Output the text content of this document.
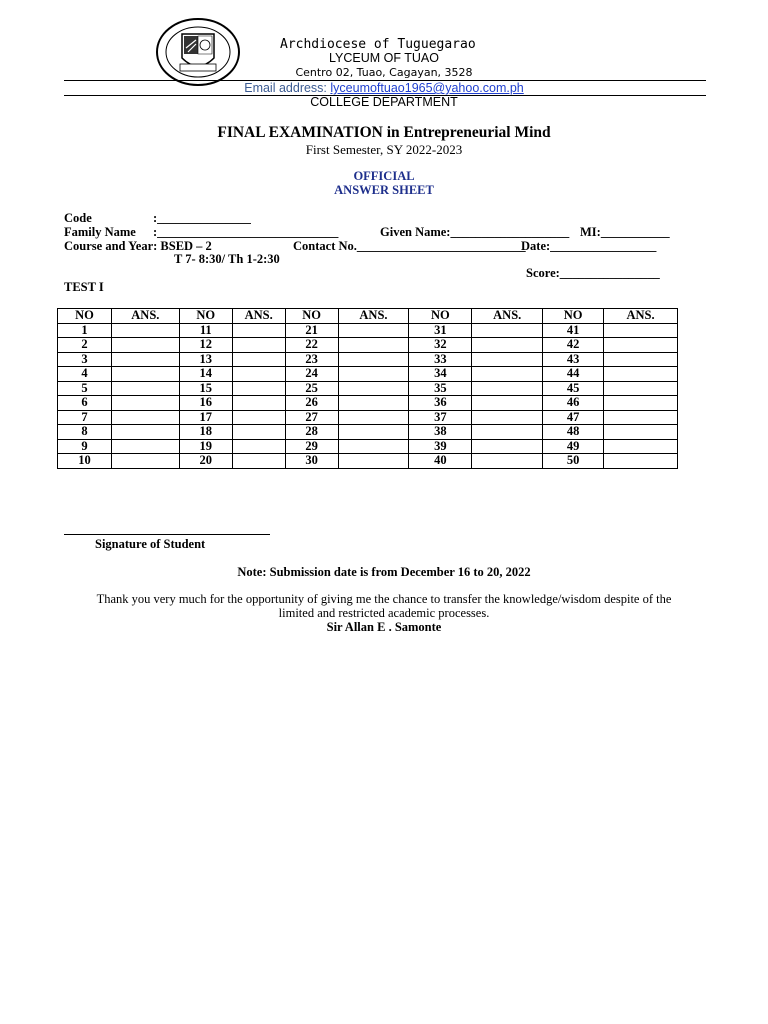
Archdiocese of Tuguegarao
LYCEUM OF TUAO
Centro 02, Tuao, Cagayan, 3528
Email address: lyceumoftuao1965@yahoo.com.ph
COLLEGE DEPARTMENT
FINAL EXAMINATION in Entrepreneurial Mind
First Semester, SY 2022-2023
OFFICIAL
ANSWER SHEET
Code	:_______________
Family Name :_____________________________	Given Name:___________________ MI:___________
Course and Year: BSED – 2	Contact No.___________________________
Date:_________________
T 7- 8:30/ Th 1-2:30
Score:________________
TEST I
NO	ANS.	NO	ANS.	NO	ANS.	NO	ANS.	NO	ANS.
1		11		21		31		41	
2		12		22		32		42	
3		13		23		33		43	
4		14		24		34		44	
5		15		25		35		45	
6		16		26		36		46	
7		17		27		37		47	
8		18		28		38		48	
9		19		29		39		49	
10		20		30		40		50	
Signature of Student
Note: Submission date is from December 16 to 20, 2022
Thank you very much for the opportunity of giving me the chance to transfer the knowledge/wisdom despite of the
limited and restricted academic processes.
Sir Allan E . Samonte
